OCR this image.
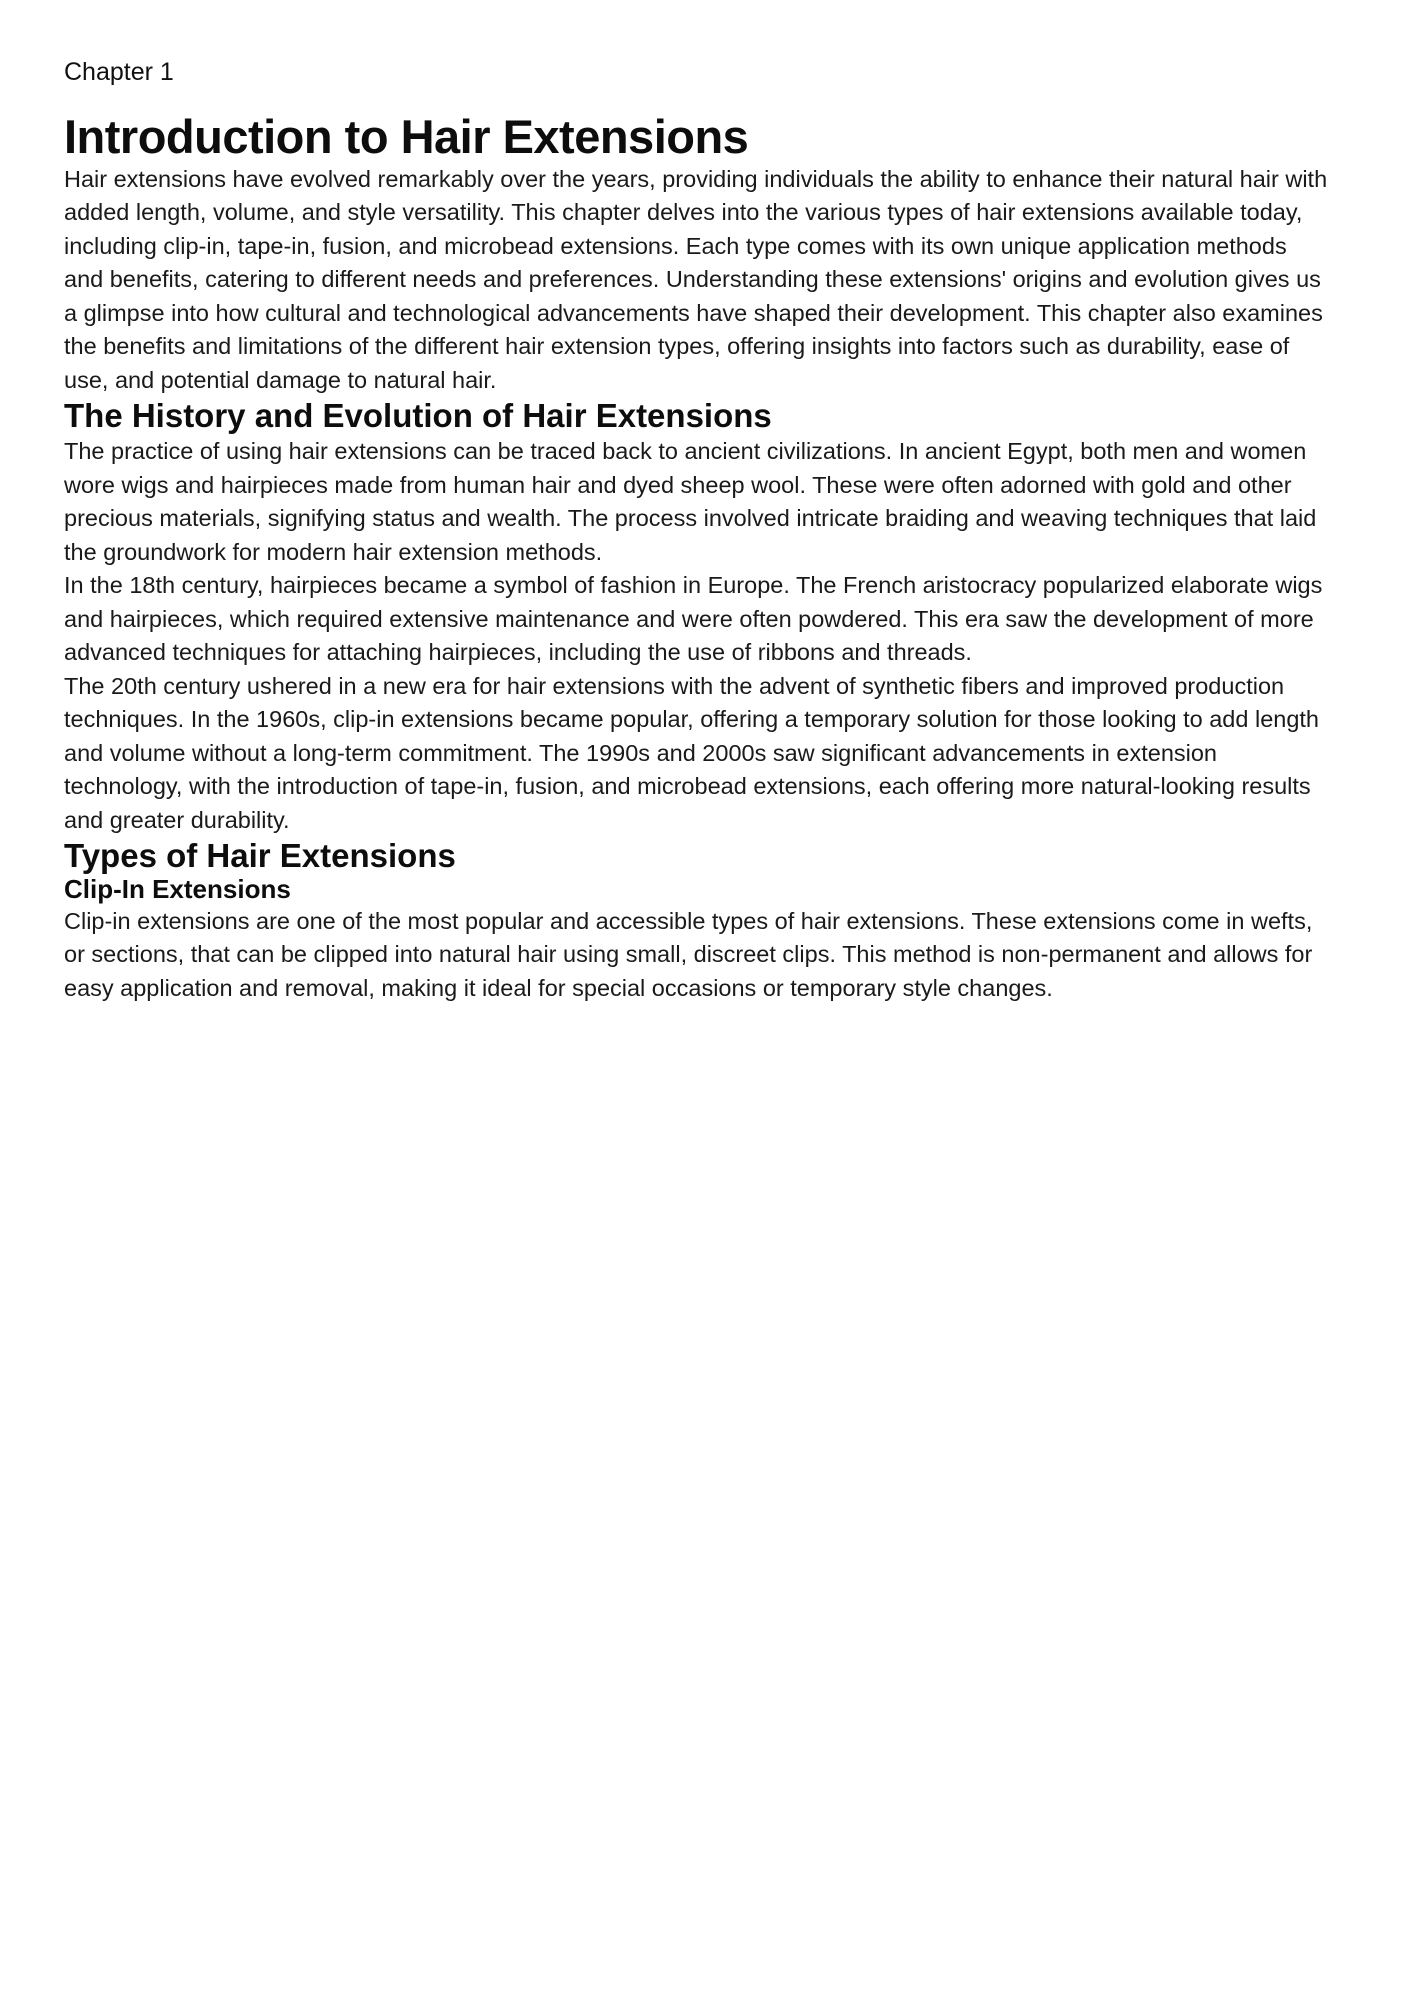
Chapter 1

Introduction to Hair Extensions

Hair extensions have evolved remarkably over the years, providing individuals the ability to enhance their natural hair with added length, volume, and style versatility. This chapter delves into the various types of hair extensions available today, including clip-in, tape-in, fusion, and microbead extensions. Each type comes with its own unique application methods and benefits, catering to different needs and preferences. Understanding these extensions' origins and evolution gives us a glimpse into how cultural and technological advancements have shaped their development. This chapter also examines the benefits and limitations of the different hair extension types, offering insights into factors such as durability, ease of use, and potential damage to natural hair.

The History and Evolution of Hair Extensions

The practice of using hair extensions can be traced back to ancient civilizations. In ancient Egypt, both men and women wore wigs and hairpieces made from human hair and dyed sheep wool. These were often adorned with gold and other precious materials, signifying status and wealth. The process involved intricate braiding and weaving techniques that laid the groundwork for modern hair extension methods.

In the 18th century, hairpieces became a symbol of fashion in Europe. The French aristocracy popularized elaborate wigs and hairpieces, which required extensive maintenance and were often powdered. This era saw the development of more advanced techniques for attaching hairpieces, including the use of ribbons and threads.

The 20th century ushered in a new era for hair extensions with the advent of synthetic fibers and improved production techniques. In the 1960s, clip-in extensions became popular, offering a temporary solution for those looking to add length and volume without a long-term commitment. The 1990s and 2000s saw significant advancements in extension technology, with the introduction of tape-in, fusion, and microbead extensions, each offering more natural-looking results and greater durability.

Types of Hair Extensions
Clip-In Extensions

Clip-in extensions are one of the most popular and accessible types of hair extensions. These extensions come in wefts, or sections, that can be clipped into natural hair using small, discreet clips. This method is non-permanent and allows for easy application and removal, making it ideal for special occasions or temporary style changes.
